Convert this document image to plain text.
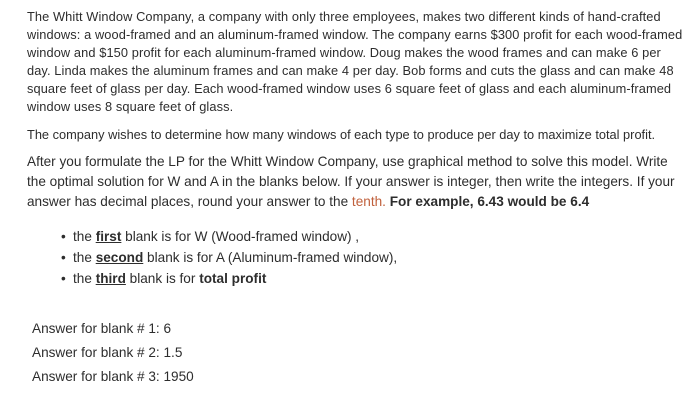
The Whitt Window Company, a company with only three employees, makes two different kinds of hand-crafted windows: a wood-framed and an aluminum-framed window. The company earns $300 profit for each wood-framed window and $150 profit for each aluminum-framed window. Doug makes the wood frames and can make 6 per day. Linda makes the aluminum frames and can make 4 per day. Bob forms and cuts the glass and can make 48 square feet of glass per day. Each wood-framed window uses 6 square feet of glass and each aluminum-framed window uses 8 square feet of glass.

The company wishes to determine how many windows of each type to produce per day to maximize total profit.

After you formulate the LP for the Whitt Window Company, use graphical method to solve this model. Write the optimal solution for W and A in the blanks below. If your answer is integer, then write the integers. If your answer has decimal places, round your answer to the tenth. For example, 6.43 would be 6.4

• the first blank is for W (Wood-framed window) ,
• the second blank is for A (Aluminum-framed window),
• the third blank is for total profit
Answer for blank # 1: 6
Answer for blank # 2: 1.5
Answer for blank # 3: 1950
